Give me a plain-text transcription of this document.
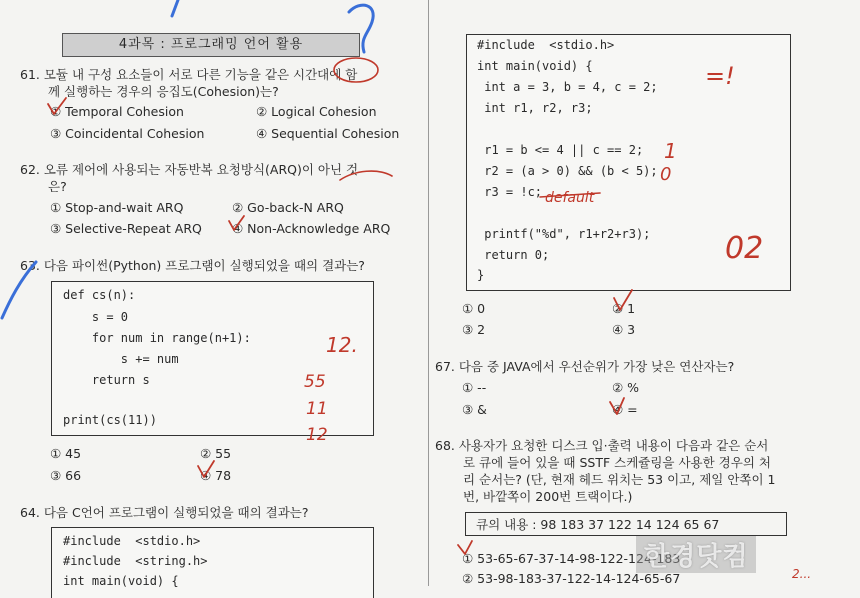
4과목 : 프로그래밍 언어 활용
61. 모듈 내 구성 요소들이 서로 다른 기능을 같은 시간대에 함
께 실행하는 경우의 응집도(Cohesion)는?
① Temporal Cohesion	② Logical Cohesion
③ Coincidental Cohesion	④ Sequential Cohesion
62. 오류 제어에 사용되는 자동반복 요청방식(ARQ)이 아닌 것
은?
① Stop-and-wait ARQ	② Go-back-N ARQ
③ Selective-Repeat ARQ ④ Non-Acknowledge ARQ
63. 다음 파이썬(Python) 프로그램이 실행되었을 때의 결과는?
def cs(n):
s = 0
for num in range(n+1):
s += num
return s
print(cs(11))
① 45	② 55
③ 66	④ 78
64. 다음 C언어 프로그램이 실행되었을 때의 결과는?
#include  <stdio.h>
#include  <string.h>
int main(void) {
#include  <stdio.h>
int main(void) {
int a = 3, b = 4, c = 2;
int r1, r2, r3;
r1 = b <= 4 || c == 2;
r2 = (a > 0) && (b < 5);
r3 = !c;
printf("%d", r1+r2+r3);
return 0;
}
① 0	② 1
③ 2	④ 3
67. 다음 중 JAVA에서 우선순위가 가장 낮은 연산자는?
① --	② %
③ &	④ =
68. 사용자가 요청한 디스크 입·출력 내용이 다음과 같은 순서
로 큐에 들어 있을 때 SSTF 스케쥴링을 사용한 경우의 처
리 순서는? (단, 현재 헤드 위치는 53 이고, 제일 안쪽이 1
번, 바깥쪽이 200번 트랙이다.)
큐의 내용 : 98 183 37 122 14 124 65 67
① 53-65-67-37-14-98-122-124-183
② 53-98-183-37-122-14-124-65-67
한경닷컴
12.
55
11
12
=!
1
0
02
default
2...
